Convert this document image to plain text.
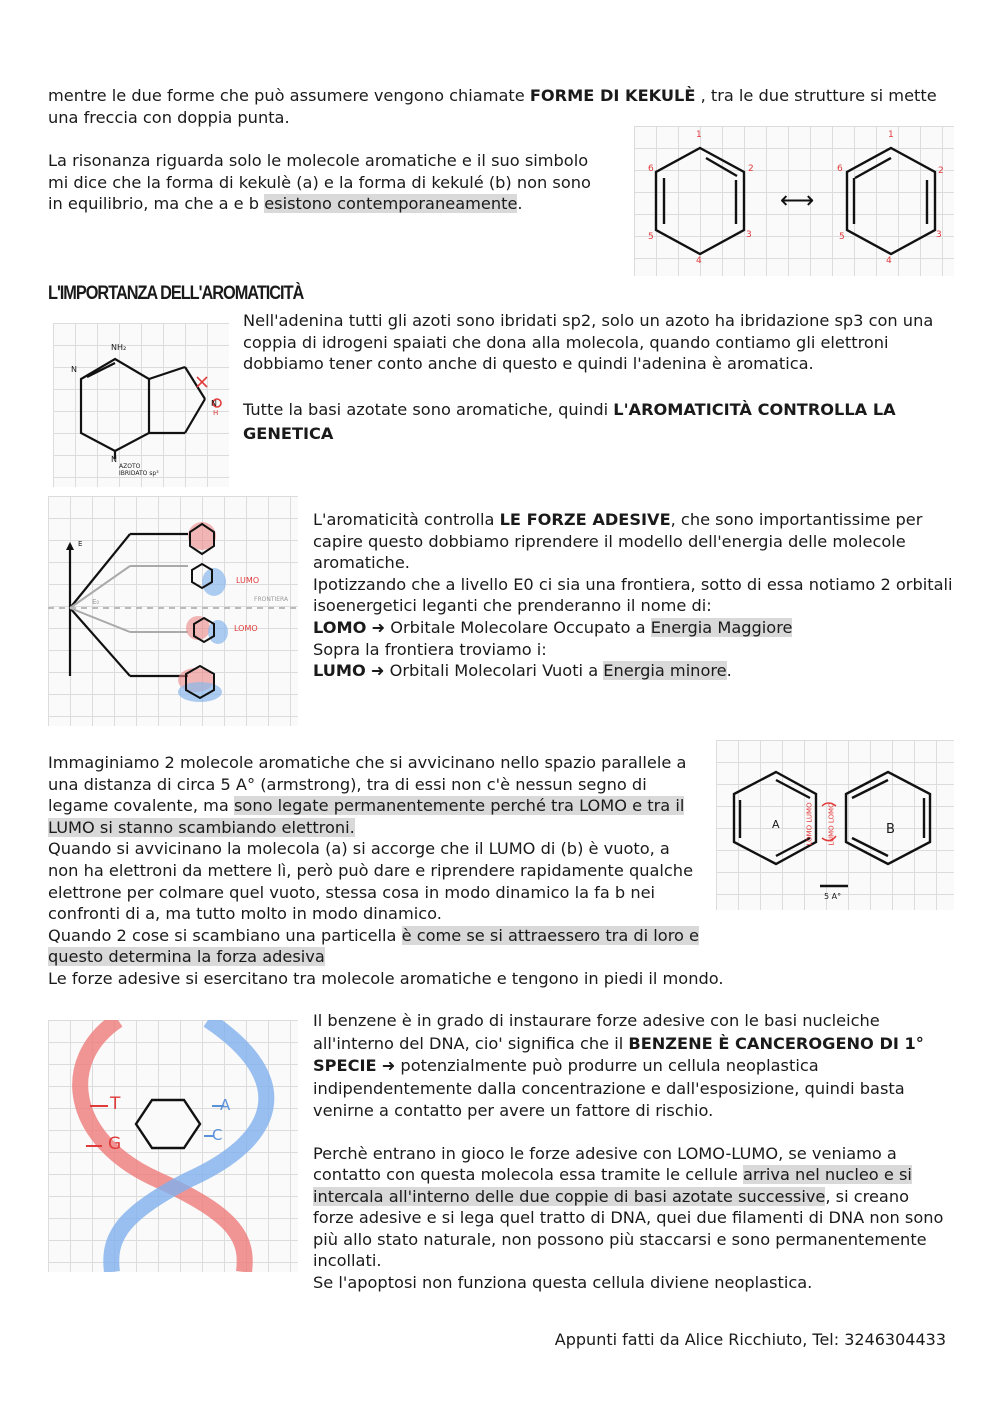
mentre le due forme che può assumere vengono chiamate FORME DI KEKULÈ , tra le due strutture si mette una freccia con doppia punta.

La risonanza riguarda solo le molecole aromatiche e il suo simbolo mi dice che la forma di kekulè (a) e la forma di kekulé (b) non sono in equilibrio, ma che a e b esistono contemporaneamente.	⟷
1
2
3
4
5
6
1
2
3
4
5
6
L'IMPORTANZA DELL'AROMATICITÀ
NH₂
N
N
AZOTO
IBRIDATO sp³
N
H

Nell'adenina tutti gli azoti sono ibridati sp2, solo un azoto ha ibridazione sp3 con una coppia di idrogeni spaiati che dona alla molecola, quando contiamo gli elettroni dobbiamo tener conto anche di questo e quindi l'adenina è aromatica.

Tutte la basi azotate sono aromatiche, quindi L'AROMATICITÀ CONTROLLA LA GENETICA

E
E₀	FRONTIERA
LUMO
LOMO

L'aromaticità controlla LE FORZE ADESIVE, che sono importantissime per capire questo dobbiamo riprendere il modello dell'energia delle molecole aromatiche.

Ipotizzando che a livello E0 ci sia una frontiera, sotto di essa notiamo 2 orbitali isoenergetici leganti che prenderanno il nome di:

LOMO ➜ Orbitale Molecolare Occupato a Energia Maggiore

Sopra la frontiera troviamo i:

LUMO ➜ Orbitali Molecolari Vuoti a Energia minore.

A	B
LOMO LUMO LUMO LOMO
5 A°

Immaginiamo 2 molecole aromatiche che si avvicinano nello spazio parallele a una distanza di circa 5 A° (armstrong), tra di essi non c'è nessun segno di legame covalente, ma sono legate permanentemente perché tra LOMO e tra il LUMO si stanno scambiando elettroni.

Quando si avvicinano la molecola (a) si accorge che il LUMO di (b) è vuoto, a non ha elettroni da mettere lì, però può dare e riprendere rapidamente qualche elettrone per colmare quel vuoto, stessa cosa in modo dinamico la fa b nei confronti di a, ma tutto molto in modo dinamico.

Quando 2 cose si scambiano una particella è come se si attraessero tra di loro e questo determina la forza adesiva

Le forze adesive si esercitano tra molecole aromatiche e tengono in piedi il mondo.

T
G
A
C

Il benzene è in grado di instaurare forze adesive con le basi nucleiche all'interno del DNA, cio' significa che il BENZENE È CANCEROGENO DI 1° SPECIE ➜ potenzialmente può produrre un cellula neoplastica indipendentemente dalla concentrazione e dall'esposizione, quindi basta venirne a contatto per avere un fattore di rischio.

Perchè entrano in gioco le forze adesive con LOMO-LUMO, se veniamo a contatto con questa molecola essa tramite le cellule arriva nel nucleo e si intercala all'interno delle due coppie di basi azotate successive, si creano forze adesive e si lega quel tratto di DNA, quei due filamenti di DNA non sono più allo stato naturale, non possono più staccarsi e sono permanentemente incollati.

Se l'apoptosi non funziona questa cellula diviene neoplastica.

Appunti fatti da Alice Ricchiuto, Tel: 3246304433
